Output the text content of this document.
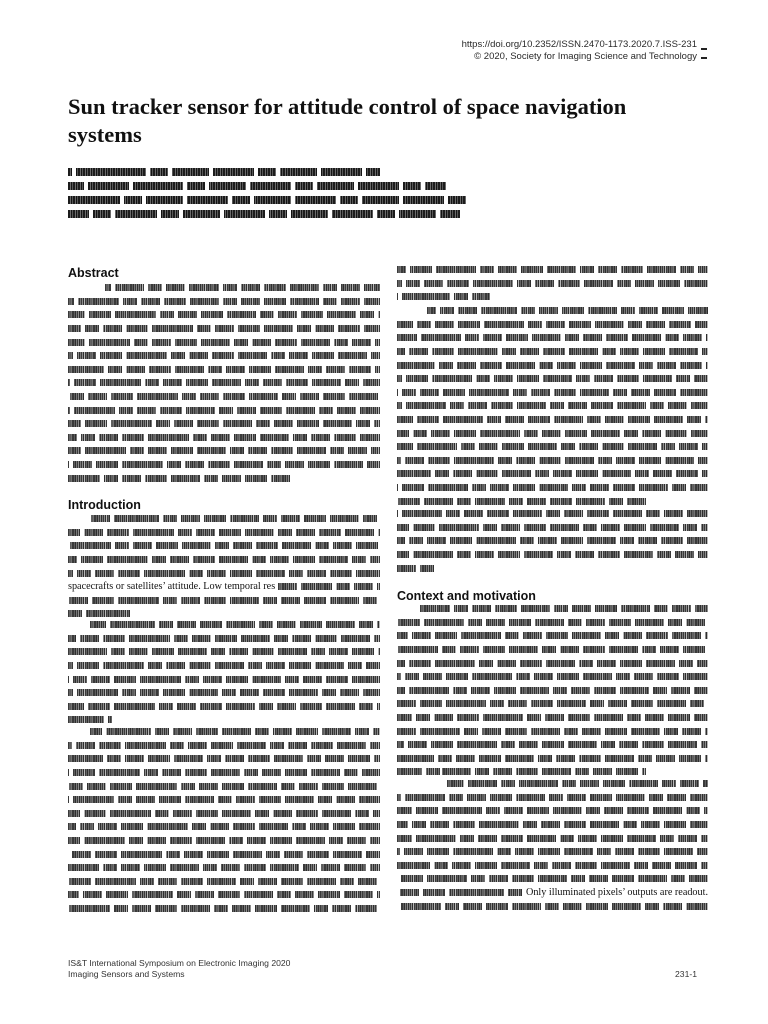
https://doi.org/10.2352/ISSN.2470-1173.2020.7.ISS-231
© 2020, Society for Imaging Science and Technology
Sun tracker sensor for attitude control of space navigation systems
Abstract
Introduction
spacecrafts or satellites’ attitude. Low temporal res
Context and motivation
Only illuminated pixels’ outputs are readout.
IS&T International Symposium on Electronic Imaging 2020
Imaging Sensors and Systems	231-1
